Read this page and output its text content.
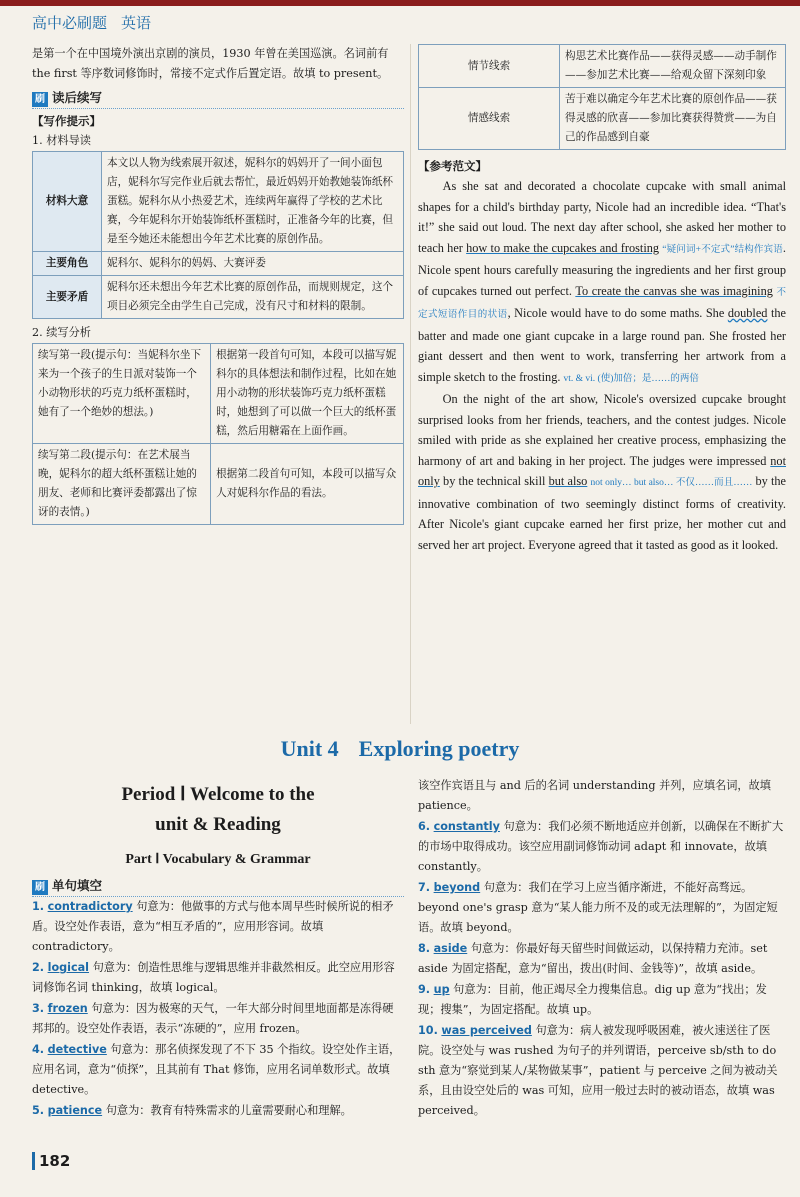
高中必刷题 英语

是第一个在中国境外演出京剧的演员，1930 年曾在美国巡演。名词前有 the first 等序数词修饰时，常接不定式作后置定语。故填 to present。

刷 读后续写
【写作提示】
1. 材料导读
材料大意	本文以人物为线索展开叙述，妮科尔的妈妈开了一间小面包店，妮科尔写完作业后就去帮忙，最近妈妈开始教她装饰纸杯蛋糕。妮科尔从小热爱艺术，连续两年赢得了学校的艺术比赛，今年妮科尔开始装饰纸杯蛋糕时，正准备今年的比赛，但是至今她还未能想出今年艺术比赛的原创作品。
主要角色	妮科尔、妮科尔的妈妈、大赛评委
主要矛盾	妮科尔还未想出今年艺术比赛的原创作品，而规则规定，这个项目必须完全由学生自己完成，没有尺寸和材料的限制。
2. 续写分析
续写第一段(提示句：当妮科尔坐下来为一个孩子的生日派对装饰一个小动物形状的巧克力纸杯蛋糕时，她有了一个绝妙的想法。)	根据第一段首句可知，本段可以描写妮科尔的具体想法和制作过程，比如在她用小动物的形状装饰巧克力纸杯蛋糕时，她想到了可以做一个巨大的纸杯蛋糕，然后用糖霜在上面作画。
续写第二段(提示句：在艺术展当晚，妮科尔的超大纸杯蛋糕让她的朋友、老师和比赛评委都露出了惊讶的表情。)	根据第二段首句可知，本段可以描写众人对妮科尔作品的看法。
情节线索	构思艺术比赛作品——获得灵感——动手制作——参加艺术比赛——给观众留下深刻印象
情感线索	苦于难以确定今年艺术比赛的原创作品——获得灵感的欣喜——参加比赛获得赞赏——为自己的作品感到自豪
【参考范文】

As she sat and decorated a chocolate cupcake with small animal shapes for a child's birthday party, Nicole had an incredible idea. “That's it!” she said out loud. The next day after school, she asked her mother to teach her how to make the cupcakes and frosting “疑问词+不定式”结构作宾语. Nicole spent hours carefully measuring the ingredients and her first group of cupcakes turned out perfect. To create the canvas she was imagining 不定式短语作目的状语, Nicole would have to do some maths. She doubled the batter and made one giant cupcake in a large round pan. She frosted her giant dessert and then went to work, transferring her artwork from a simple sketch to the frosting. vt. & vi. (使)加倍；是……的两倍

On the night of the art show, Nicole's oversized cupcake brought surprised looks from her friends, teachers, and the contest judges. Nicole smiled with pride as she explained her creative process, emphasizing the harmony of art and baking in her project. The judges were impressed not only by the technical skill but also not only… but also… 不仅……而且…… by the innovative combination of two seemingly distinct forms of creativity. After Nicole's giant cupcake earned her first prize, her mother cut and served her art project. Everyone agreed that it tasted as good as it looked.

Unit 4 Exploring poetry
Period Ⅰ Welcome to the
unit & Reading
Part Ⅰ Vocabulary & Grammar
刷 单句填空
1. contradictory 句意为：他做事的方式与他本周早些时候所说的相矛盾。设空处作表语，意为“相互矛盾的”，应用形容词。故填 contradictory。
2. logical 句意为：创造性思维与逻辑思维并非截然相反。此空应用形容词修饰名词 thinking，故填 logical。
3. frozen 句意为：因为极寒的天气，一年大部分时间里地面都是冻得硬邦邦的。设空处作表语，表示“冻硬的”，应用 frozen。
4. detective 句意为：那名侦探发现了不下 35 个指纹。设空处作主语，应用名词，意为“侦探”，且其前有 That 修饰，应用名词单数形式。故填 detective。
5. patience 句意为：教育有特殊需求的儿童需要耐心和理解。
该空作宾语且与 and 后的名词 understanding 并列，应填名词，故填 patience。
6. constantly 句意为：我们必须不断地适应并创新，以确保在不断扩大的市场中取得成功。该空应用副词修饰动词 adapt 和 innovate，故填 constantly。
7. beyond 句意为：我们在学习上应当循序渐进，不能好高骛远。beyond one's grasp 意为“某人能力所不及的或无法理解的”，为固定短语。故填 beyond。
8. aside 句意为：你最好每天留些时间做运动，以保持精力充沛。set aside 为固定搭配，意为“留出，拨出(时间、金钱等)”，故填 aside。
9. up 句意为：目前，他正竭尽全力搜集信息。dig up 意为“找出；发现；搜集”，为固定搭配。故填 up。
10. was perceived 句意为：病人被发现呼吸困难，被火速送往了医院。设空处与 was rushed 为句子的并列谓语，perceive sb/sth to do sth 意为“察觉到某人/某物做某事”，patient 与 perceive 之间为被动关系，且由设空处后的 was 可知，应用一般过去时的被动语态，故填 was perceived。
182
